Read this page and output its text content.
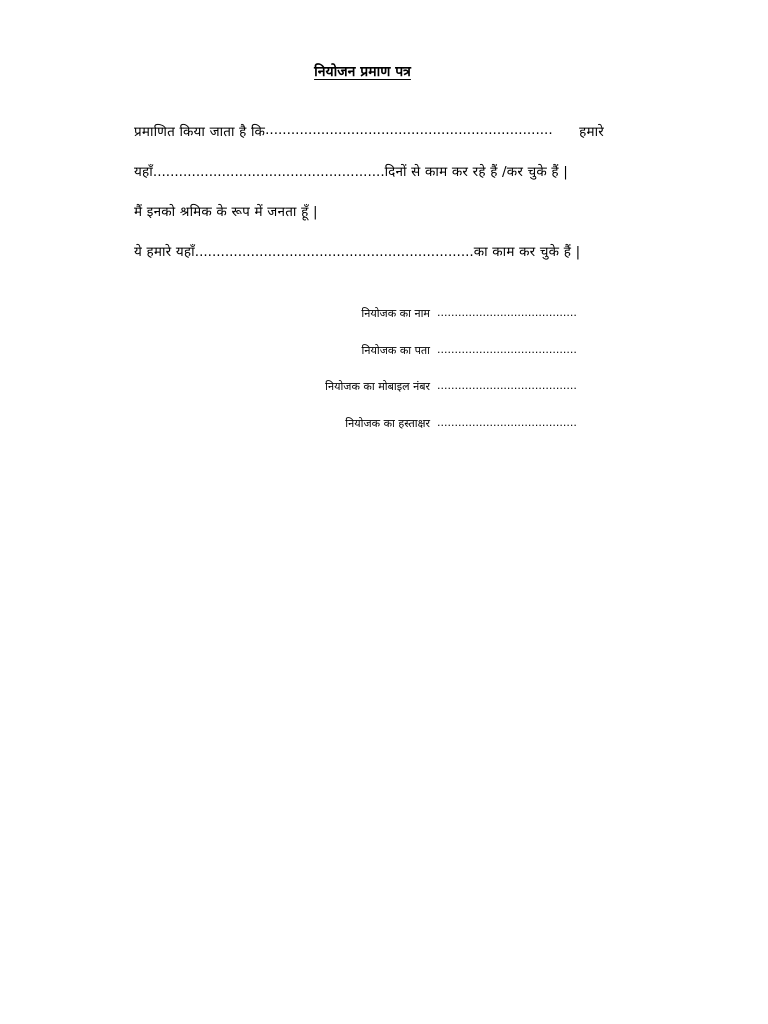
नियोजन प्रमाण पत्र
प्रमाणित किया जाता है कि ...................................................................	हमारे
यहाँ......................................................दिनों से काम कर रहे हैं /कर चुके हैं |
मैं इनको श्रमिक के रूप में जनता हूँ |
ये हमारे यहाँ.................................................................का काम कर चुके हैं |
नियोजक का नाम ........................................
नियोजक का पता ........................................
नियोजक का मोबाइल नंबर ........................................
नियोजक का हस्ताक्षर ........................................
